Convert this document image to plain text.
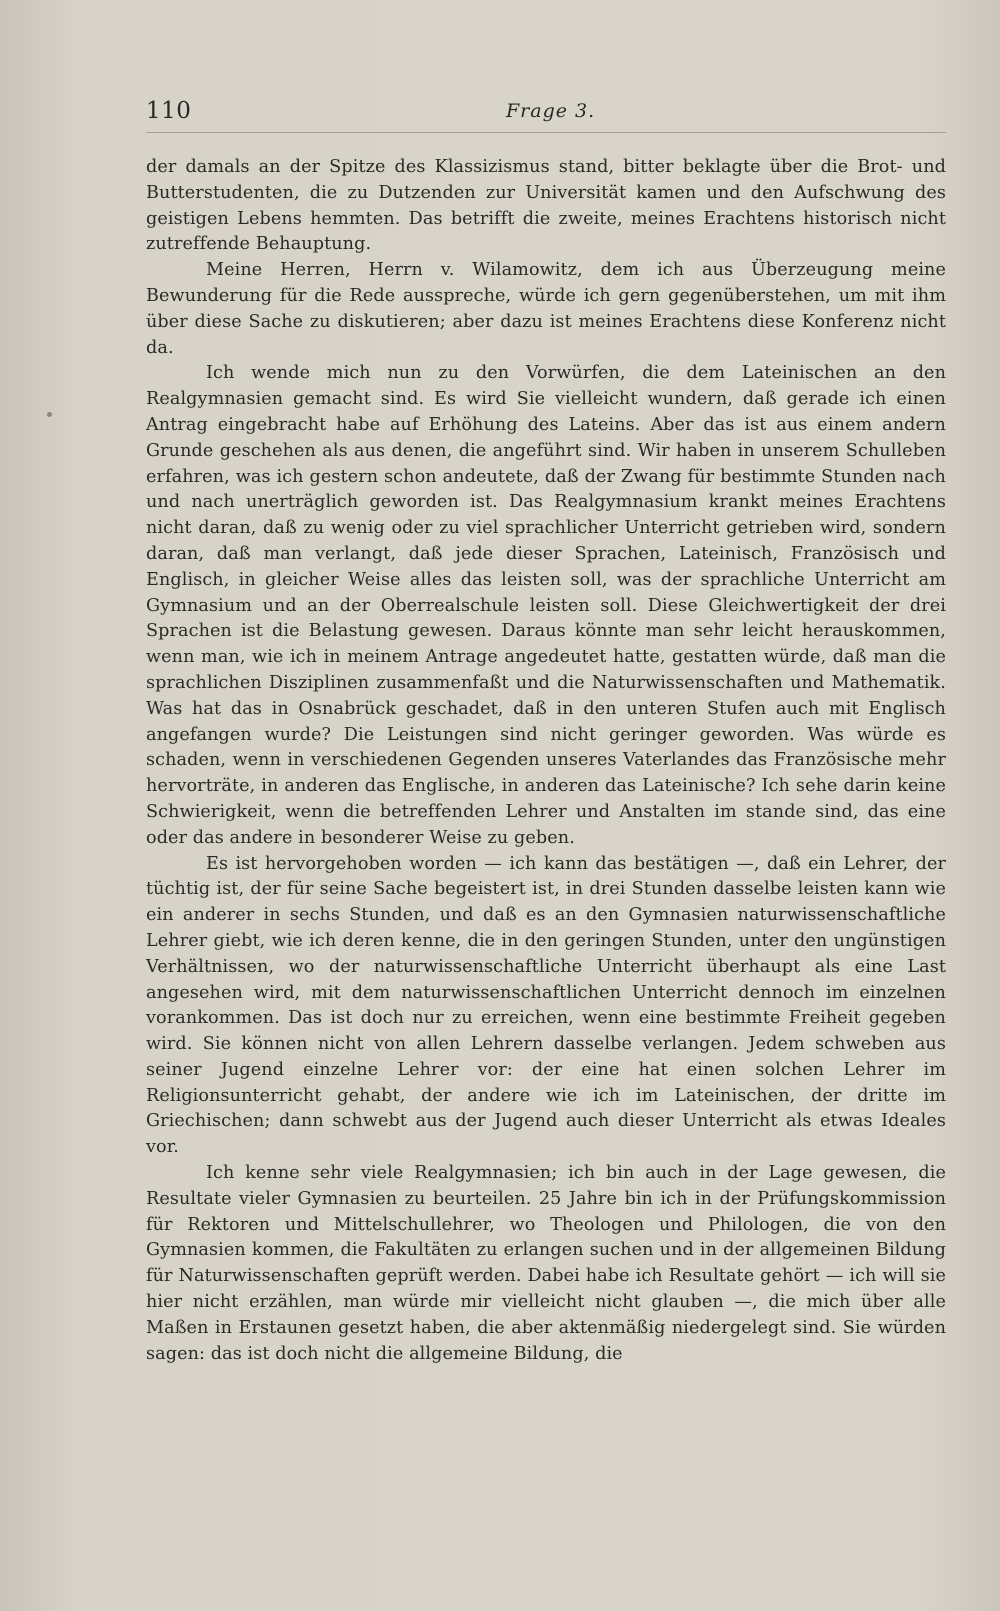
110	Frage 3.

der damals an der Spitze des Klassizismus stand, bitter beklagte über die Brot- und Butterstudenten, die zu Dutzenden zur Universität kamen und den Aufschwung des geistigen Lebens hemmten. Das betrifft die zweite, meines Erachtens historisch nicht zutreffende Behauptung.

Meine Herren, Herrn v. Wilamowitz, dem ich aus Überzeugung meine Bewunderung für die Rede ausspreche, würde ich gern gegenüberstehen, um mit ihm über diese Sache zu diskutieren; aber dazu ist meines Erachtens diese Konferenz nicht da.

Ich wende mich nun zu den Vorwürfen, die dem Lateinischen an den Realgymnasien gemacht sind. Es wird Sie vielleicht wundern, daß gerade ich einen Antrag eingebracht habe auf Erhöhung des Lateins. Aber das ist aus einem andern Grunde geschehen als aus denen, die angeführt sind. Wir haben in unserem Schulleben erfahren, was ich gestern schon andeutete, daß der Zwang für bestimmte Stunden nach und nach unerträglich geworden ist. Das Realgymnasium krankt meines Erachtens nicht daran, daß zu wenig oder zu viel sprachlicher Unterricht getrieben wird, sondern daran, daß man verlangt, daß jede dieser Sprachen, Lateinisch, Französisch und Englisch, in gleicher Weise alles das leisten soll, was der sprachliche Unterricht am Gymnasium und an der Oberrealschule leisten soll. Diese Gleichwertigkeit der drei Sprachen ist die Belastung gewesen. Daraus könnte man sehr leicht herauskommen, wenn man, wie ich in meinem Antrage angedeutet hatte, gestatten würde, daß man die sprachlichen Disziplinen zusammenfaßt und die Naturwissenschaften und Mathematik. Was hat das in Osnabrück geschadet, daß in den unteren Stufen auch mit Englisch angefangen wurde? Die Leistungen sind nicht geringer geworden. Was würde es schaden, wenn in verschiedenen Gegenden unseres Vaterlandes das Französische mehr hervorträte, in anderen das Englische, in anderen das Lateinische? Ich sehe darin keine Schwierigkeit, wenn die betreffenden Lehrer und Anstalten im stande sind, das eine oder das andere in besonderer Weise zu geben.

Es ist hervorgehoben worden — ich kann das bestätigen —, daß ein Lehrer, der tüchtig ist, der für seine Sache begeistert ist, in drei Stunden dasselbe leisten kann wie ein anderer in sechs Stunden, und daß es an den Gymnasien naturwissenschaftliche Lehrer giebt, wie ich deren kenne, die in den geringen Stunden, unter den ungünstigen Verhältnissen, wo der naturwissenschaftliche Unterricht überhaupt als eine Last angesehen wird, mit dem naturwissenschaftlichen Unterricht dennoch im einzelnen vorankommen. Das ist doch nur zu erreichen, wenn eine bestimmte Freiheit gegeben wird. Sie können nicht von allen Lehrern dasselbe verlangen. Jedem schweben aus seiner Jugend einzelne Lehrer vor: der eine hat einen solchen Lehrer im Religionsunterricht gehabt, der andere wie ich im Lateinischen, der dritte im Griechischen; dann schwebt aus der Jugend auch dieser Unterricht als etwas Ideales vor.

Ich kenne sehr viele Realgymnasien; ich bin auch in der Lage gewesen, die Resultate vieler Gymnasien zu beurteilen. 25 Jahre bin ich in der Prüfungskommission für Rektoren und Mittelschullehrer, wo Theologen und Philologen, die von den Gymnasien kommen, die Fakultäten zu erlangen suchen und in der allgemeinen Bildung für Naturwissenschaften geprüft werden. Dabei habe ich Resultate gehört — ich will sie hier nicht erzählen, man würde mir vielleicht nicht glauben —, die mich über alle Maßen in Erstaunen gesetzt haben, die aber aktenmäßig niedergelegt sind. Sie würden sagen: das ist doch nicht die allgemeine Bildung, die
